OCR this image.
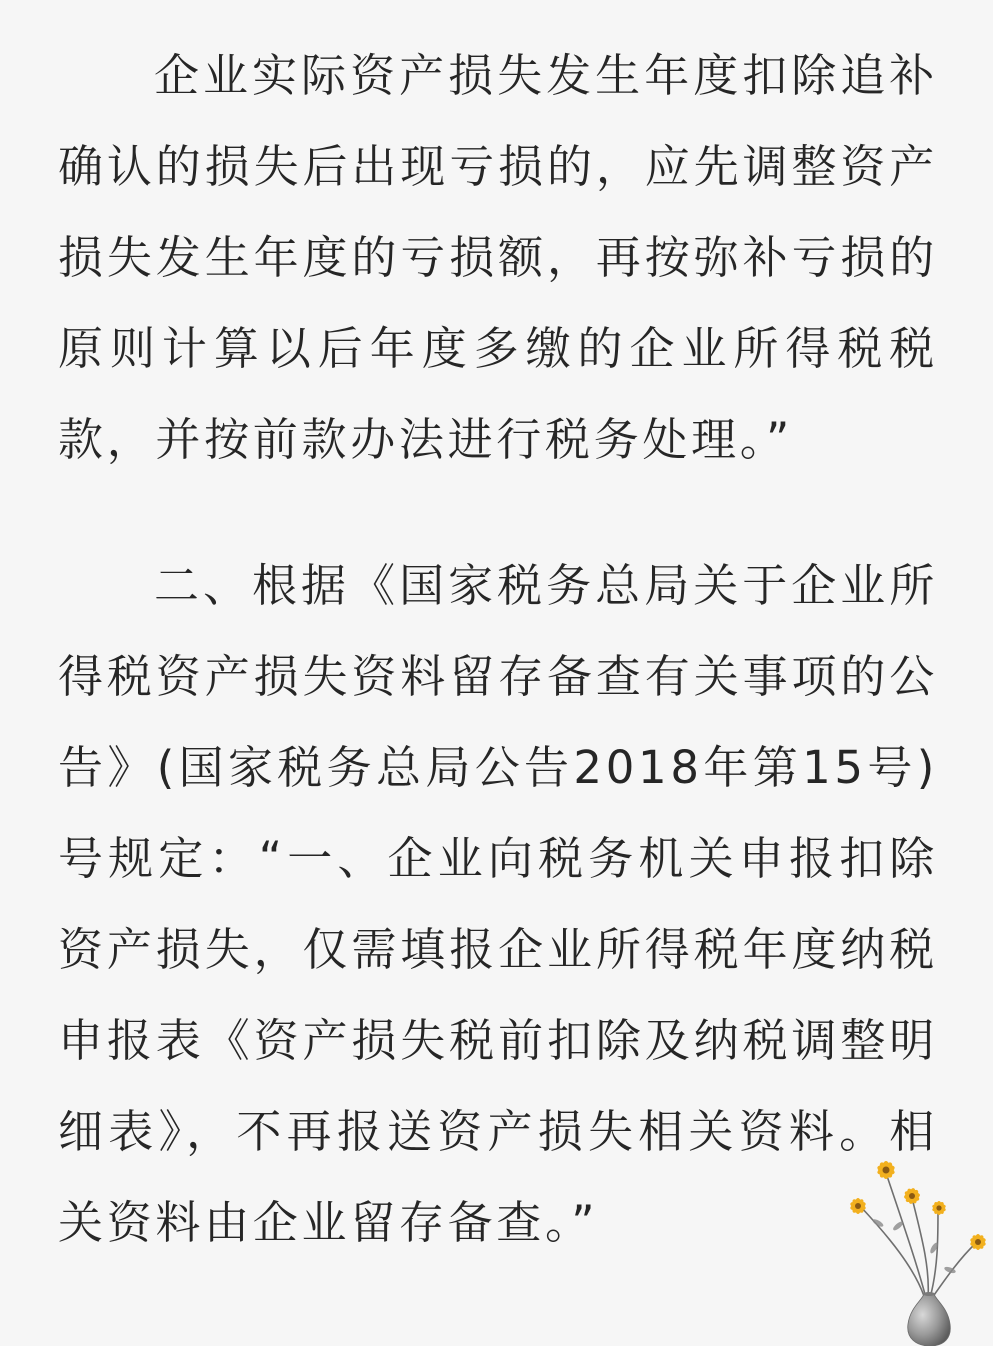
企业实际资产损失发生年度扣除追补确认的损失后出现亏损的，应先调整资产损失发生年度的亏损额，再按弥补亏损的原则计算以后年度多缴的企业所得税税款，并按前款办法进行税务处理。”

二、根据《国家税务总局关于企业所得税资产损失资料留存备查有关事项的公告》(国家税务总局公告2018年第15号)号规定：“一、企业向税务机关申报扣除资产损失，仅需填报企业所得税年度纳税申报表《资产损失税前扣除及纳税调整明细表》，不再报送资产损失相关资料。相关资料由企业留存备查。”
